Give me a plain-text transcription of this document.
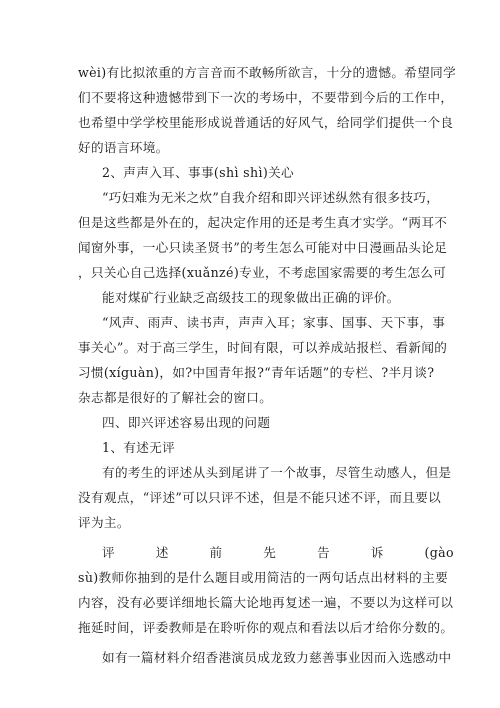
wèi)有比拟浓重的方言音而不敢畅所欲言，十分的遗憾。希望同学
们不要将这种遗憾带到下一次的考场中，不要带到今后的工作中，
也希望中学学校里能形成说普通话的好风气，给同学们提供一个良
好的语言环境。
2、声声入耳、事事(shì shì)关心
“巧妇难为无米之炊”自我介绍和即兴评述纵然有很多技巧，
但是这些都是外在的，起决定作用的还是考生真才实学。“两耳不
闻窗外事，一心只读圣贤书”的考生怎么可能对中日漫画品头论足
，只关心自己选择(xuǎnzé)专业，不考虑国家需要的考生怎么可
能对煤矿行业缺乏高级技工的现象做出正确的评价。
“风声、雨声、读书声，声声入耳；家事、国事、天下事，事
事关心”。对于高三学生，时间有限，可以养成站报栏、看新闻的
习惯(xíguàn)，如?中国青年报?“青年话题”的专栏、?半月谈?
杂志都是很好的了解社会的窗口。
四、即兴评述容易出现的问题
1、有述无评
有的考生的评述从头到尾讲了一个故事，尽管生动感人，但是
没有观点，“评述”可以只评不述，但是不能只述不评，而且要以
评为主。
评	述	前	先	告	诉	(gào
sù)教师你抽到的是什么题目或用简洁的一两句话点出材料的主要
内容，没有必要详细地长篇大论地再复述一遍，不要以为这样可以
拖延时间，评委教师是在聆听你的观点和看法以后才给你分数的。
如有一篇材料介绍香港演员成龙致力慈善事业因而入选感动中
